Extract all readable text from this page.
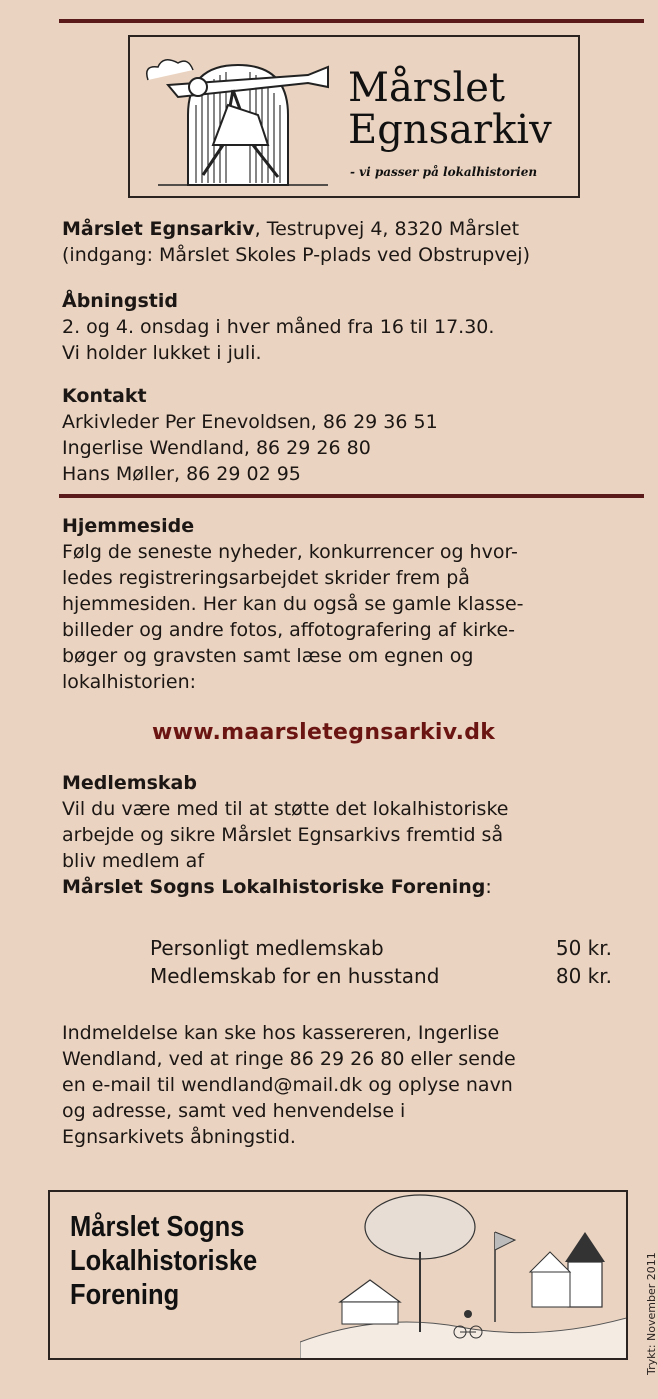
Mårslet
Egnsarkiv
- vi passer på lokalhistorien
Mårslet Egnsarkiv, Testrupvej 4, 8320 Mårslet
(indgang: Mårslet Skoles P-plads ved Obstrupvej)
Åbningstid
2. og 4. onsdag i hver måned fra 16 til 17.30.
Vi holder lukket i juli.
Kontakt
Arkivleder Per Enevoldsen, 86 29 36 51
Ingerlise Wendland, 86 29 26 80
Hans Møller, 86 29 02 95
Hjemmeside
Følg de seneste nyheder, konkurrencer og hvor-
ledes registreringsarbejdet skrider frem på
hjemmesiden. Her kan du også se gamle klasse-
billeder og andre fotos, affotografering af kirke-
bøger og gravsten samt læse om egnen og
lokalhistorien:
www.maarsletegnsarkiv.dk
Medlemskab
Vil du være med til at støtte det lokalhistoriske
arbejde og sikre Mårslet Egnsarkivs fremtid så
bliv medlem af
Mårslet Sogns Lokalhistoriske Forening:
Personligt medlemskab	50 kr.
Medlemskab for en husstand	80 kr.
Indmeldelse kan ske hos kassereren, Ingerlise
Wendland, ved at ringe 86 29 26 80 eller sende
en e-mail til wendland@mail.dk og oplyse navn
og adresse, samt ved henvendelse i
Egnsarkivets åbningstid.
Mårslet Sogns
Lokalhistoriske
Forening	Trykt: November 2011
